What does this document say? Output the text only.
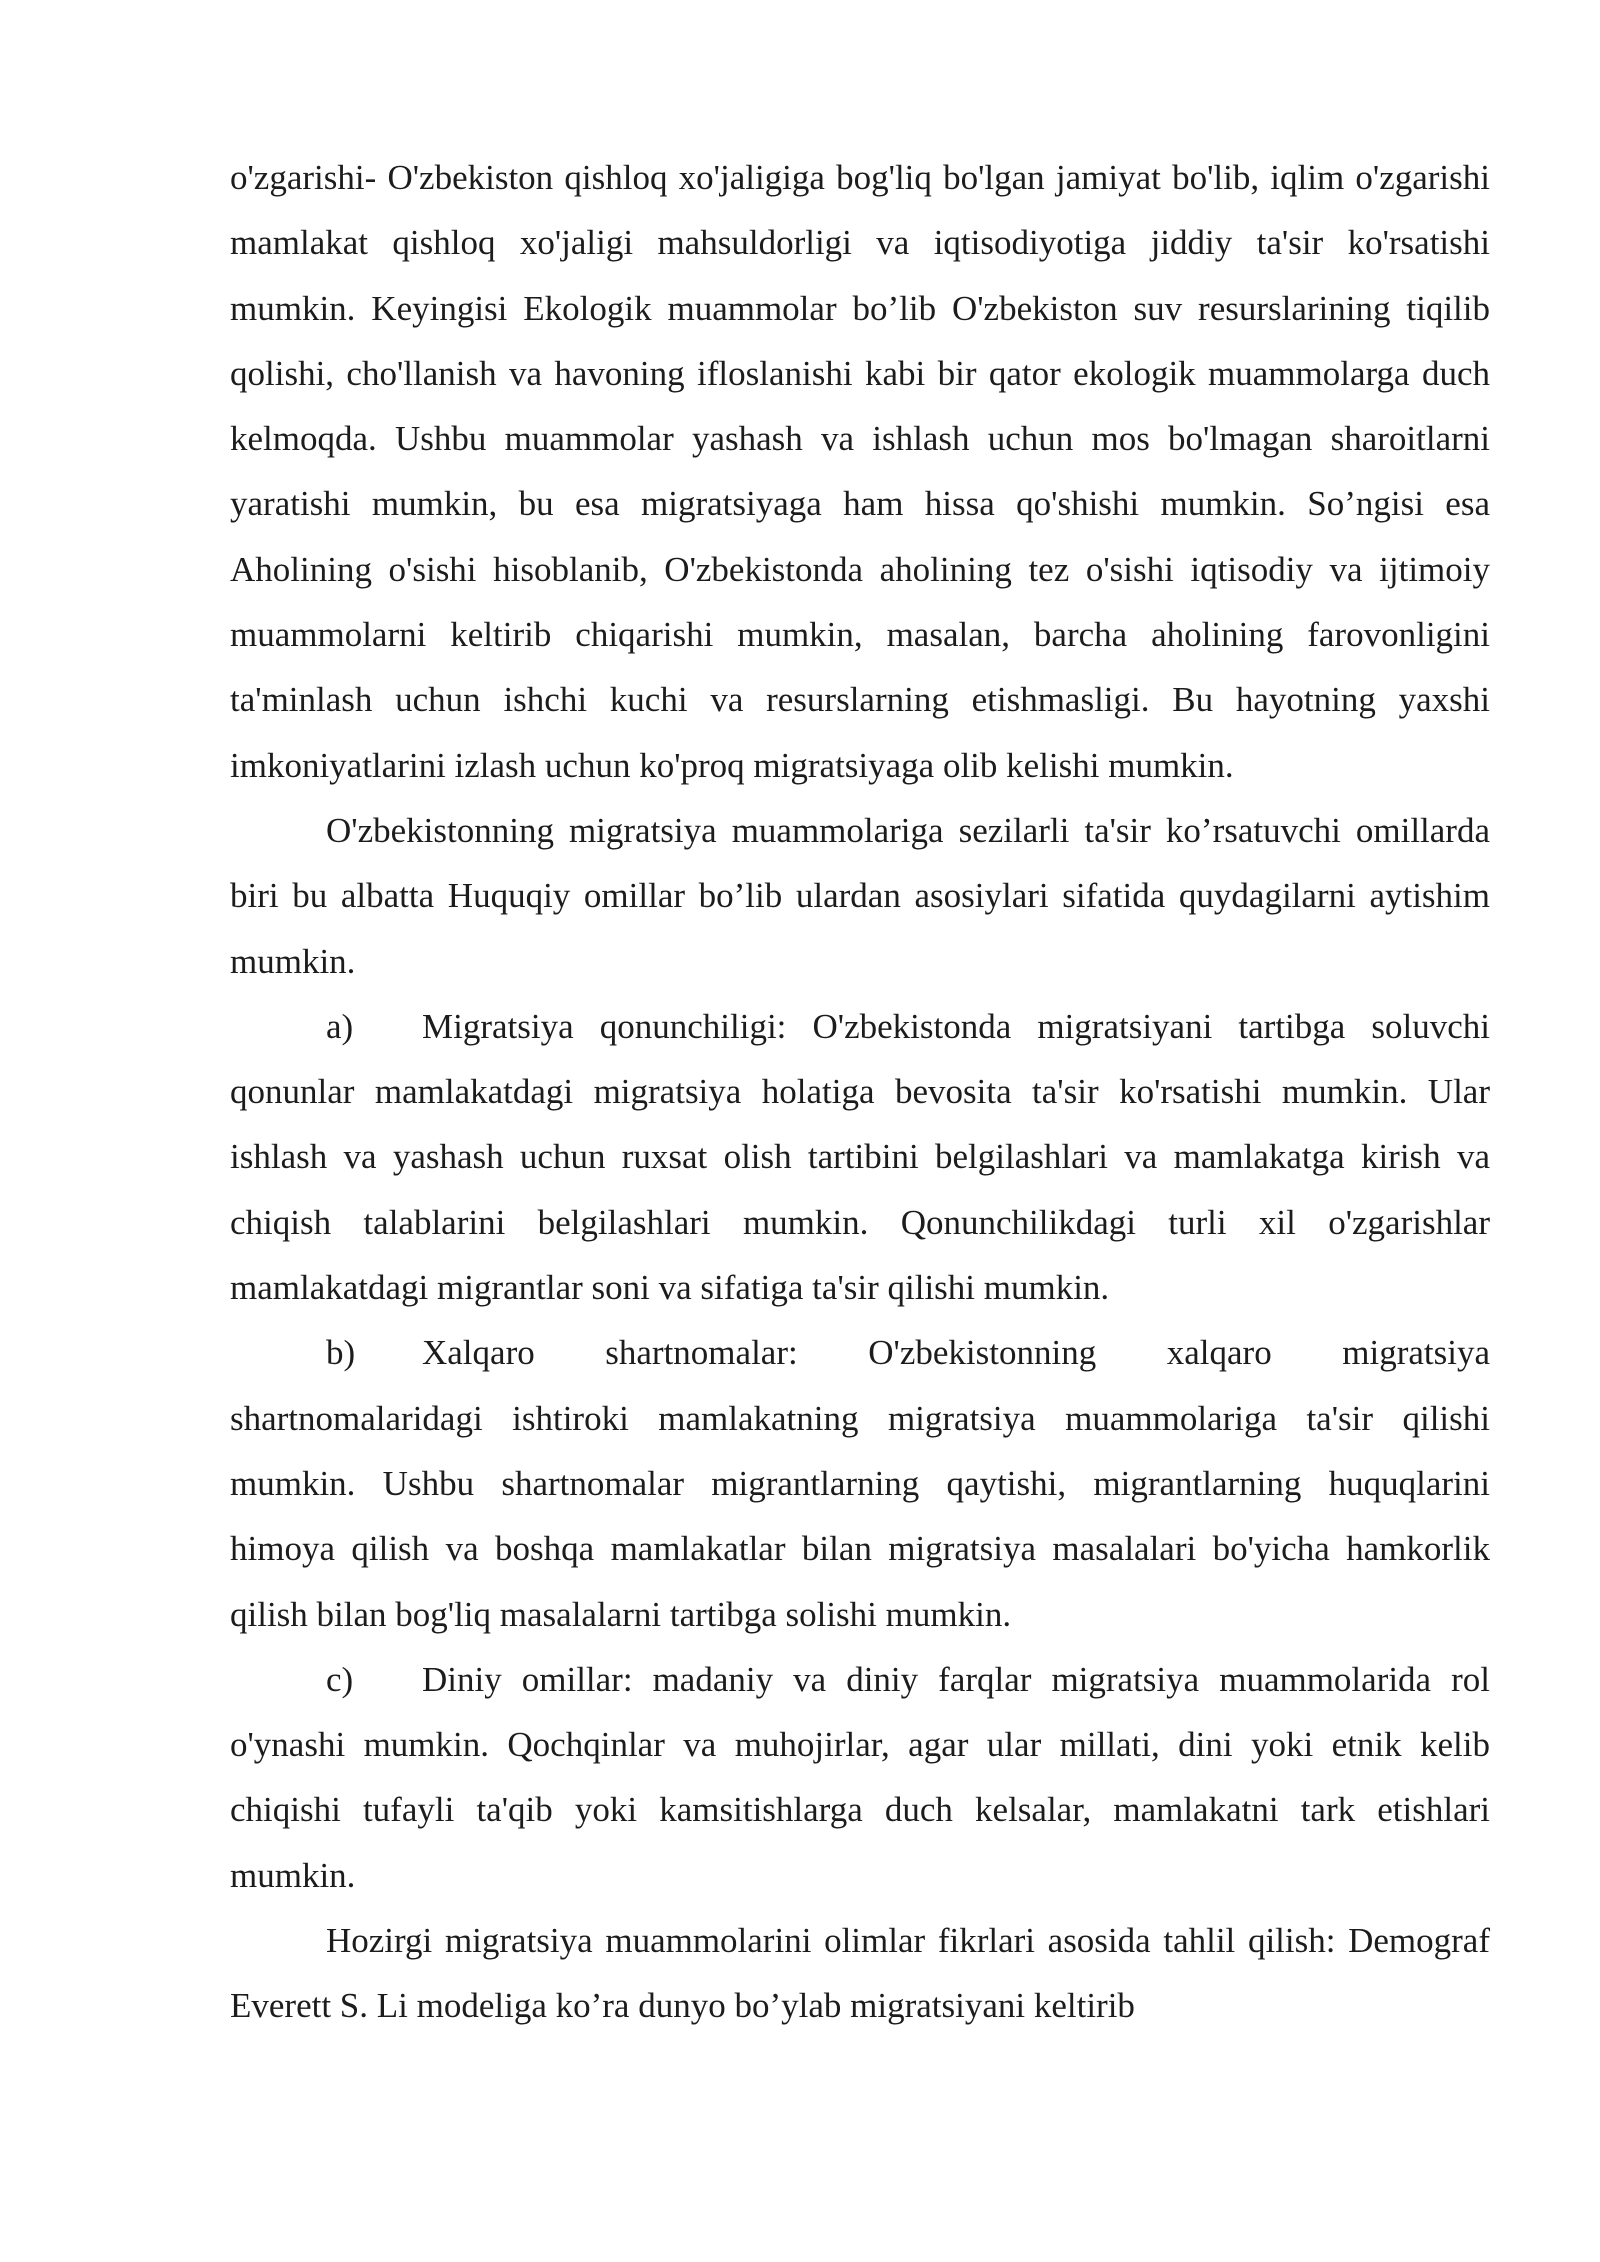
o'zgarishi- O'zbekiston qishloq xo'jaligiga bog'liq bo'lgan jamiyat bo'lib, iqlim o'zgarishi mamlakat qishloq xo'jaligi mahsuldorligi va iqtisodiyotiga jiddiy ta'sir ko'rsatishi mumkin. Keyingisi Ekologik muammolar bo’lib O'zbekiston suv resurslarining tiqilib qolishi, cho'llanish va havoning ifloslanishi kabi bir qator ekologik muammolarga duch kelmoqda. Ushbu muammolar yashash va ishlash uchun mos bo'lmagan sharoitlarni yaratishi mumkin, bu esa migratsiyaga ham hissa qo'shishi mumkin. So’ngisi esa Aholining o'sishi hisoblanib, O'zbekistonda aholining tez o'sishi iqtisodiy va ijtimoiy muammolarni keltirib chiqarishi mumkin, masalan, barcha aholining farovonligini ta'minlash uchun ishchi kuchi va resurslarning etishmasligi. Bu hayotning yaxshi imkoniyatlarini izlash uchun ko'proq migratsiyaga olib kelishi mumkin.

O'zbekistonning migratsiya muammolariga sezilarli ta'sir ko’rsatuvchi omillarda biri bu albatta Huquqiy omillar bo’lib ulardan asosiylari sifatida quydagilarni aytishim mumkin.

a) Migratsiya qonunchiligi: O'zbekistonda migratsiyani tartibga soluvchi qonunlar mamlakatdagi migratsiya holatiga bevosita ta'sir ko'rsatishi mumkin. Ular ishlash va yashash uchun ruxsat olish tartibini belgilashlari va mamlakatga kirish va chiqish talablarini belgilashlari mumkin. Qonunchilikdagi turli xil o'zgarishlar mamlakatdagi migrantlar soni va sifatiga ta'sir qilishi mumkin.

b) Xalqaro shartnomalar: O'zbekistonning xalqaro migratsiya shartnomalaridagi ishtiroki mamlakatning migratsiya muammolariga ta'sir qilishi mumkin. Ushbu shartnomalar migrantlarning qaytishi, migrantlarning huquqlarini himoya qilish va boshqa mamlakatlar bilan migratsiya masalalari bo'yicha hamkorlik qilish bilan bog'liq masalalarni tartibga solishi mumkin.

c) Diniy omillar: madaniy va diniy farqlar migratsiya muammolarida rol o'ynashi mumkin. Qochqinlar va muhojirlar, agar ular millati, dini yoki etnik kelib chiqishi tufayli ta'qib yoki kamsitishlarga duch kelsalar, mamlakatni tark etishlari mumkin.

Hozirgi migratsiya muammolarini olimlar fikrlari asosida tahlil qilish: Demograf Everett S. Li modeliga ko’ra dunyo bo’ylab migratsiyani keltirib
